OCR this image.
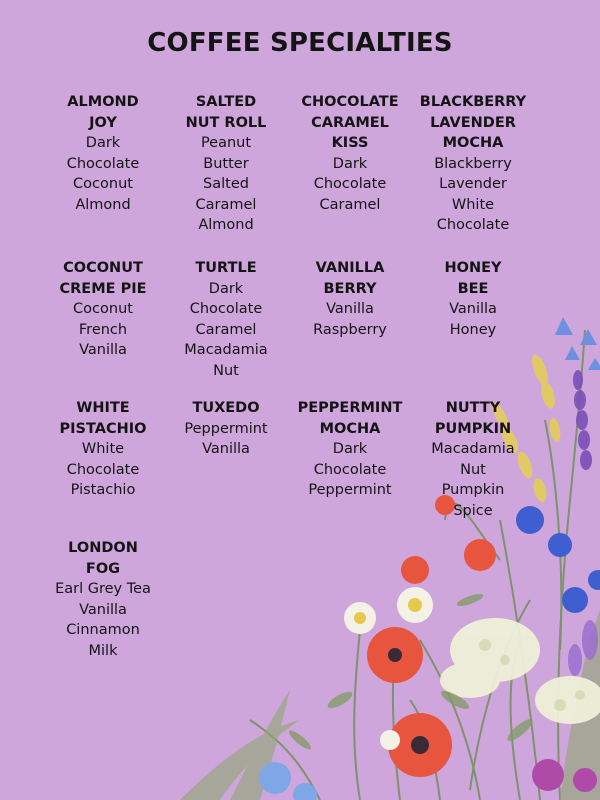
COFFEE SPECIALTIES
ALMOND
JOY
Dark
Chocolate
Coconut
Almond
SALTED
NUT ROLL
Peanut
Butter
Salted
Caramel
Almond
CHOCOLATE
CARAMEL
KISS
Dark
Chocolate
Caramel
BLACKBERRY
LAVENDER
MOCHA
Blackberry
Lavender
White
Chocolate
COCONUT
CREME PIE
Coconut
French
Vanilla
TURTLE
Dark
Chocolate
Caramel
Macadamia
Nut
VANILLA
BERRY
Vanilla
Raspberry
HONEY
BEE
Vanilla
Honey
WHITE
PISTACHIO
White
Chocolate
Pistachio
TUXEDO
Peppermint
Vanilla
PEPPERMINT
MOCHA
Dark
Chocolate
Peppermint
NUTTY
PUMPKIN
Macadamia
Nut
Pumpkin
Spice
LONDON
FOG
Earl Grey Tea
Vanilla
Cinnamon
Milk
